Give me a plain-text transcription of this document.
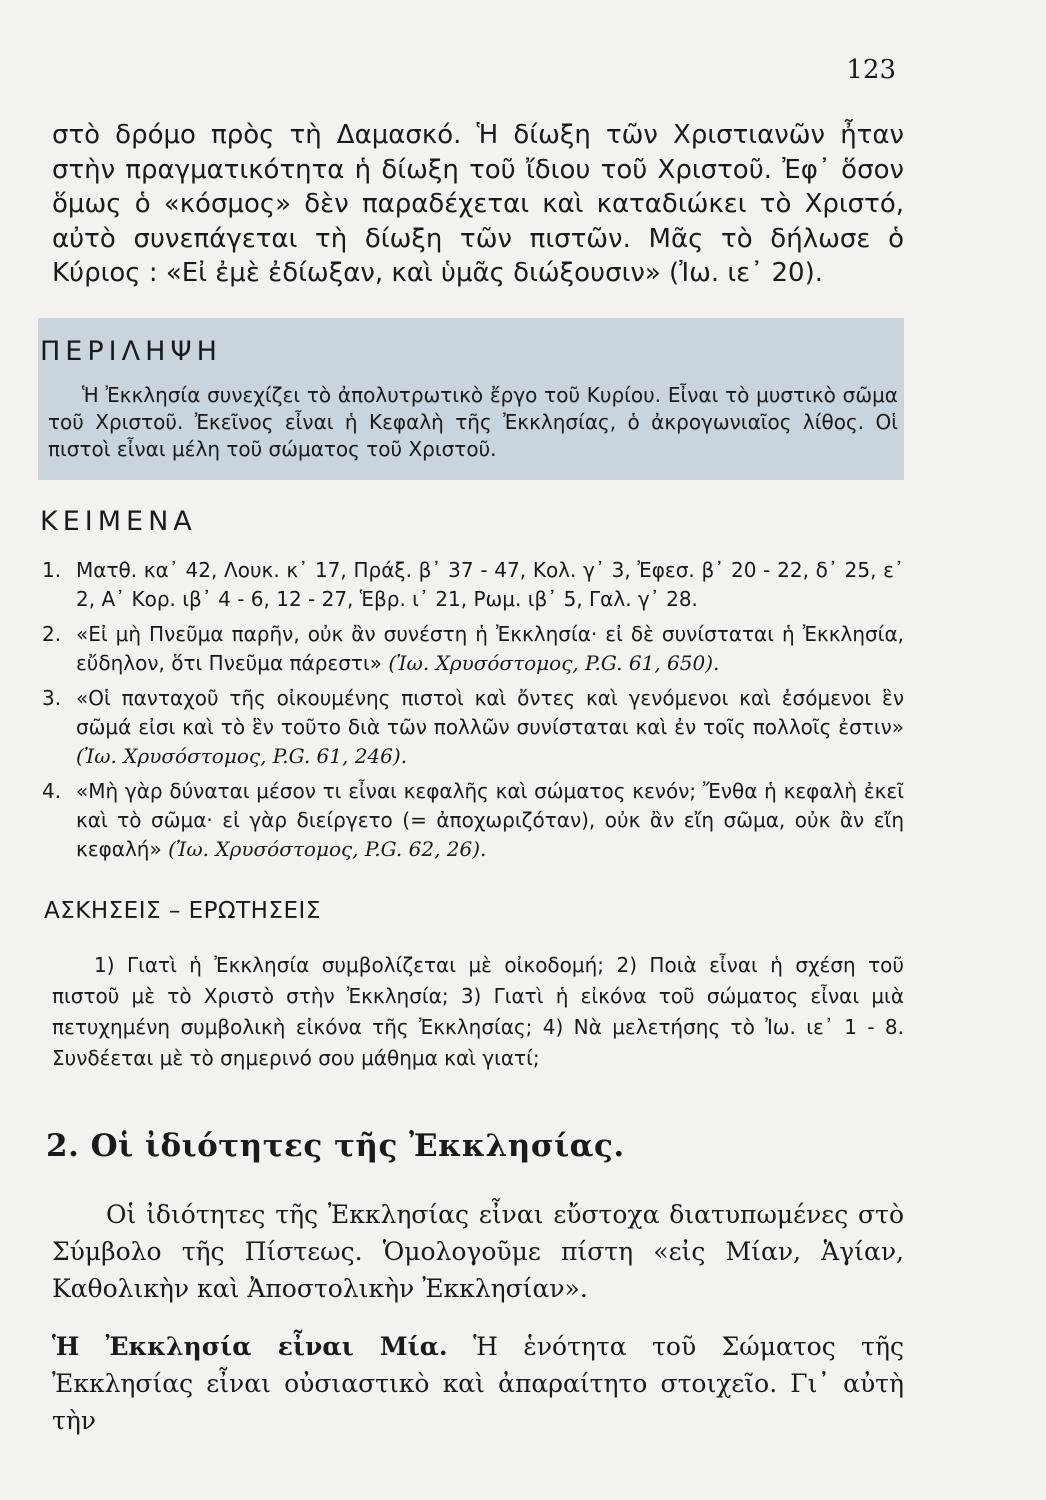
123

στὸ δρόμο πρὸς τὴ Δαμασκό. Ἡ δίωξη τῶν Χριστιανῶν ἦταν στὴν πραγματικότητα ἡ δίωξη τοῦ ἴδιου τοῦ Χριστοῦ. Ἐφ᾽ ὅσον ὅμως ὁ «κόσμος» δὲν παραδέχεται καὶ καταδιώκει τὸ Χριστό, αὐτὸ συνεπάγεται τὴ δίωξη τῶν πιστῶν. Μᾶς τὸ δήλωσε ὁ Κύριος : «Εἰ ἐμὲ ἐδίωξαν, καὶ ὑμᾶς διώξουσιν» (Ἰω. ιε᾽ 20).

ΠΕΡΙΛΗΨΗ

Ἡ Ἐκκλησία συνεχίζει τὸ ἀπολυτρωτικὸ ἔργο τοῦ Κυρίου. Εἶναι τὸ μυστικὸ σῶμα τοῦ Χριστοῦ. Ἐκεῖνος εἶναι ἡ Κεφαλὴ τῆς Ἐκκλησίας, ὁ ἀκρογωνιαῖος λίθος. Οἱ πιστοὶ εἶναι μέλη τοῦ σώματος τοῦ Χριστοῦ.

ΚΕΙΜΕΝΑ
1. Ματθ. κα᾽ 42, Λουκ. κ᾽ 17, Πράξ. β᾽ 37 - 47, Κολ. γ᾽ 3, Ἐφεσ. β᾽ 20 - 22, δ᾽ 25, ε᾽ 2, Α᾽ Κορ. ιβ᾽ 4 - 6, 12 - 27, Ἑβρ. ι᾽ 21, Ρωμ. ιβ᾽ 5, Γαλ. γ᾽ 28.
2. «Εἰ μὴ Πνεῦμα παρῆν, οὐκ ἂν συνέστη ἡ Ἐκκλησία· εἰ δὲ συνίσταται ἡ Ἐκκλησία, εὔδηλον, ὅτι Πνεῦμα πάρεστι» (Ἰω. Χρυσόστομος, P.G. 61, 650).
3. «Οἱ πανταχοῦ τῆς οἰκουμένης πιστοὶ καὶ ὄντες καὶ γενόμενοι καὶ ἐσόμενοι ἓν σῶμά εἰσι καὶ τὸ ἓν τοῦτο διὰ τῶν πολλῶν συνίσταται καὶ ἐν τοῖς πολλοῖς ἐστιν» (Ἰω. Χρυσόστομος, P.G. 61, 246).
4. «Μὴ γὰρ δύναται μέσον τι εἶναι κεφαλῆς καὶ σώματος κενόν; Ἔνθα ἡ κεφαλὴ ἐκεῖ καὶ τὸ σῶμα· εἰ γὰρ διείργετο (= ἀποχωριζόταν), οὐκ ἂν εἴη σῶμα, οὐκ ἂν εἴη κεφαλή» (Ἰω. Χρυσόστομος, P.G. 62, 26).
ΑΣΚΗΣΕΙΣ – ΕΡΩΤΗΣΕΙΣ

1) Γιατὶ ἡ Ἐκκλησία συμβολίζεται μὲ οἰκοδομή; 2) Ποιὰ εἶναι ἡ σχέση τοῦ πιστοῦ μὲ τὸ Χριστὸ στὴν Ἐκκλησία; 3) Γιατὶ ἡ εἰκόνα τοῦ σώματος εἶναι μιὰ πετυχημένη συμβολικὴ εἰκόνα τῆς Ἐκκλησίας; 4) Νὰ μελετήσης τὸ Ἰω. ιε᾽ 1 - 8. Συνδέεται μὲ τὸ σημερινό σου μάθημα καὶ γιατί;

2. Οἱ ἰδιότητες τῆς Ἐκκλησίας.

Οἱ ἰδιότητες τῆς Ἐκκλησίας εἶναι εὔστοχα διατυπωμένες στὸ Σύμβολο τῆς Πίστεως. Ὁμολογοῦμε πίστη «εἰς Μίαν, Ἁγίαν, Καθολικὴν καὶ Ἀποστολικὴν Ἐκκλησίαν».

Ἡ Ἐκκλησία εἶναι Μία. Ἡ ἑνότητα τοῦ Σώματος τῆς Ἐκκλησίας εἶναι οὐσιαστικὸ καὶ ἀπαραίτητο στοιχεῖο. Γι᾽ αὐτὴ τὴν
